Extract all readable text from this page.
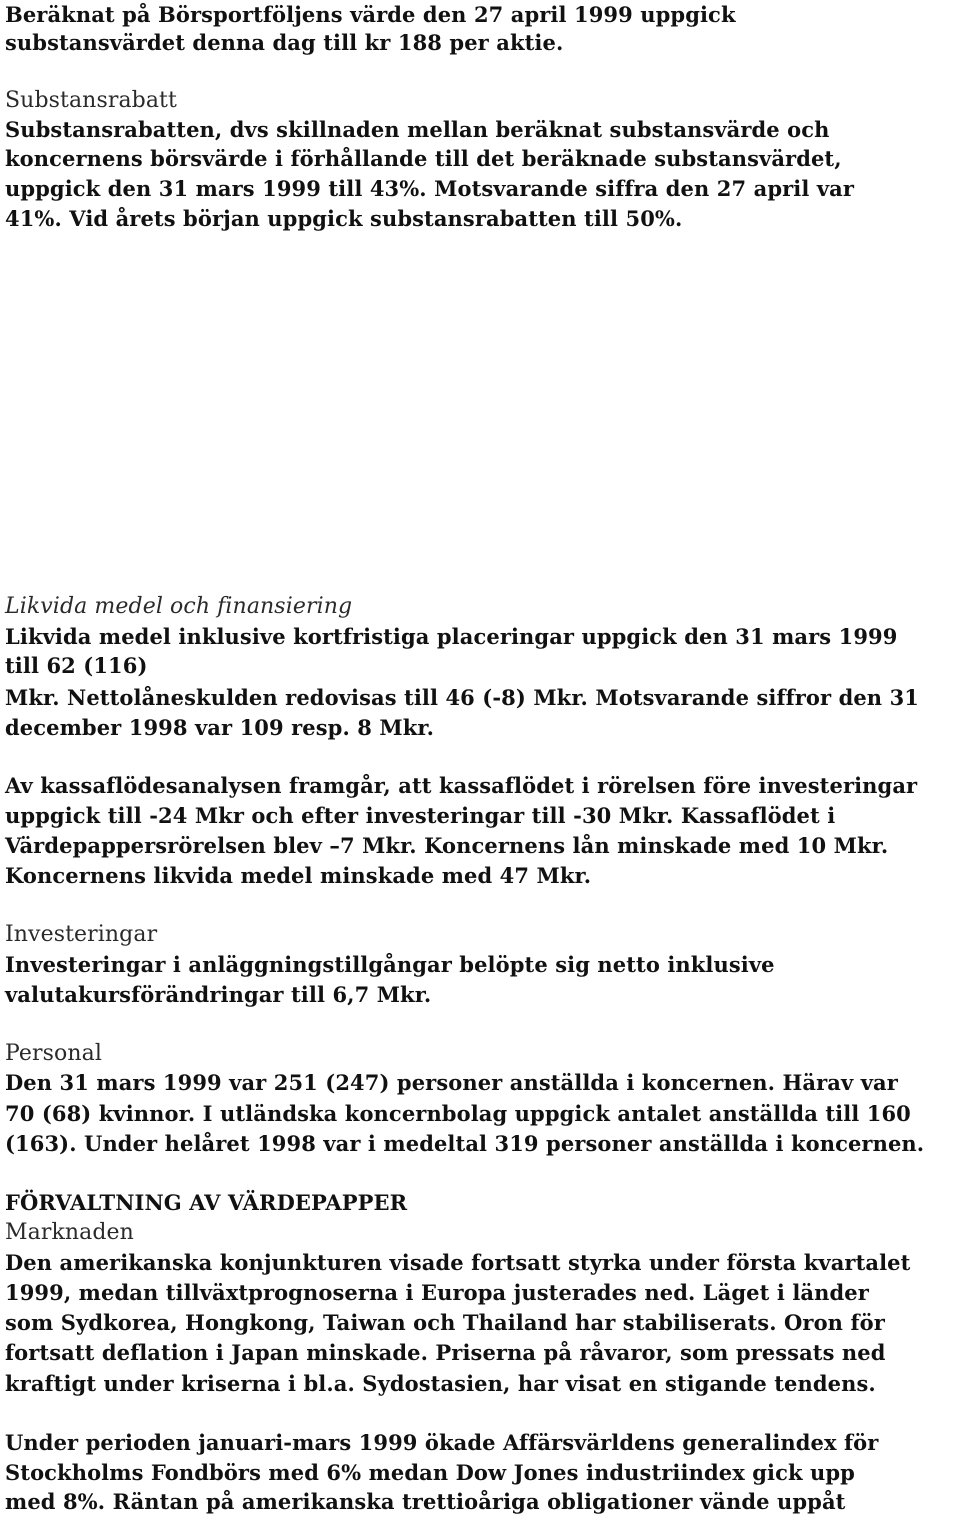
Beräknat på Börsportföljens värde den 27 april 1999 uppgick
substansvärdet denna dag till kr 188 per aktie.
Substansrabatt
Substansrabatten, dvs skillnaden mellan beräknat substansvärde och
koncernens börsvärde i förhållande till det beräknade substansvärdet,
uppgick den 31 mars 1999 till 43%. Motsvarande siffra den 27 april var
41%. Vid årets början uppgick substansrabatten till 50%.
Likvida medel och finansiering
Likvida medel inklusive kortfristiga placeringar uppgick den 31 mars 1999
till 62 (116)
Mkr. Nettolåneskulden redovisas till 46 (-8) Mkr. Motsvarande siffror den 31
december 1998 var 109 resp. 8 Mkr.
Av kassaflödesanalysen framgår, att kassaflödet i rörelsen före investeringar
uppgick till -24 Mkr och efter investeringar till -30 Mkr. Kassaflödet i
Värdepappersrörelsen blev –7 Mkr. Koncernens lån minskade med 10 Mkr.
Koncernens likvida medel minskade med 47 Mkr.
Investeringar
Investeringar i anläggningstillgångar belöpte sig netto inklusive
valutakursförändringar till 6,7 Mkr.
Personal
Den 31 mars 1999 var 251 (247) personer anställda i koncernen. Härav var
70 (68) kvinnor. I utländska koncernbolag uppgick antalet anställda till 160
(163). Under helåret 1998 var i medeltal 319 personer anställda i koncernen.
FÖRVALTNING AV VÄRDEPAPPER
Marknaden
Den amerikanska konjunkturen visade fortsatt styrka under första kvartalet
1999, medan tillväxtprognoserna i Europa justerades ned. Läget i länder
som Sydkorea, Hongkong, Taiwan och Thailand har stabiliserats. Oron för
fortsatt deflation i Japan minskade. Priserna på råvaror, som pressats ned
kraftigt under kriserna i bl.a. Sydostasien, har visat en stigande tendens.
Under perioden januari-mars 1999 ökade Affärsvärldens generalindex för
Stockholms Fondbörs med 6% medan Dow Jones industriindex gick upp
med 8%. Räntan på amerikanska trettioåriga obligationer vände uppåt
